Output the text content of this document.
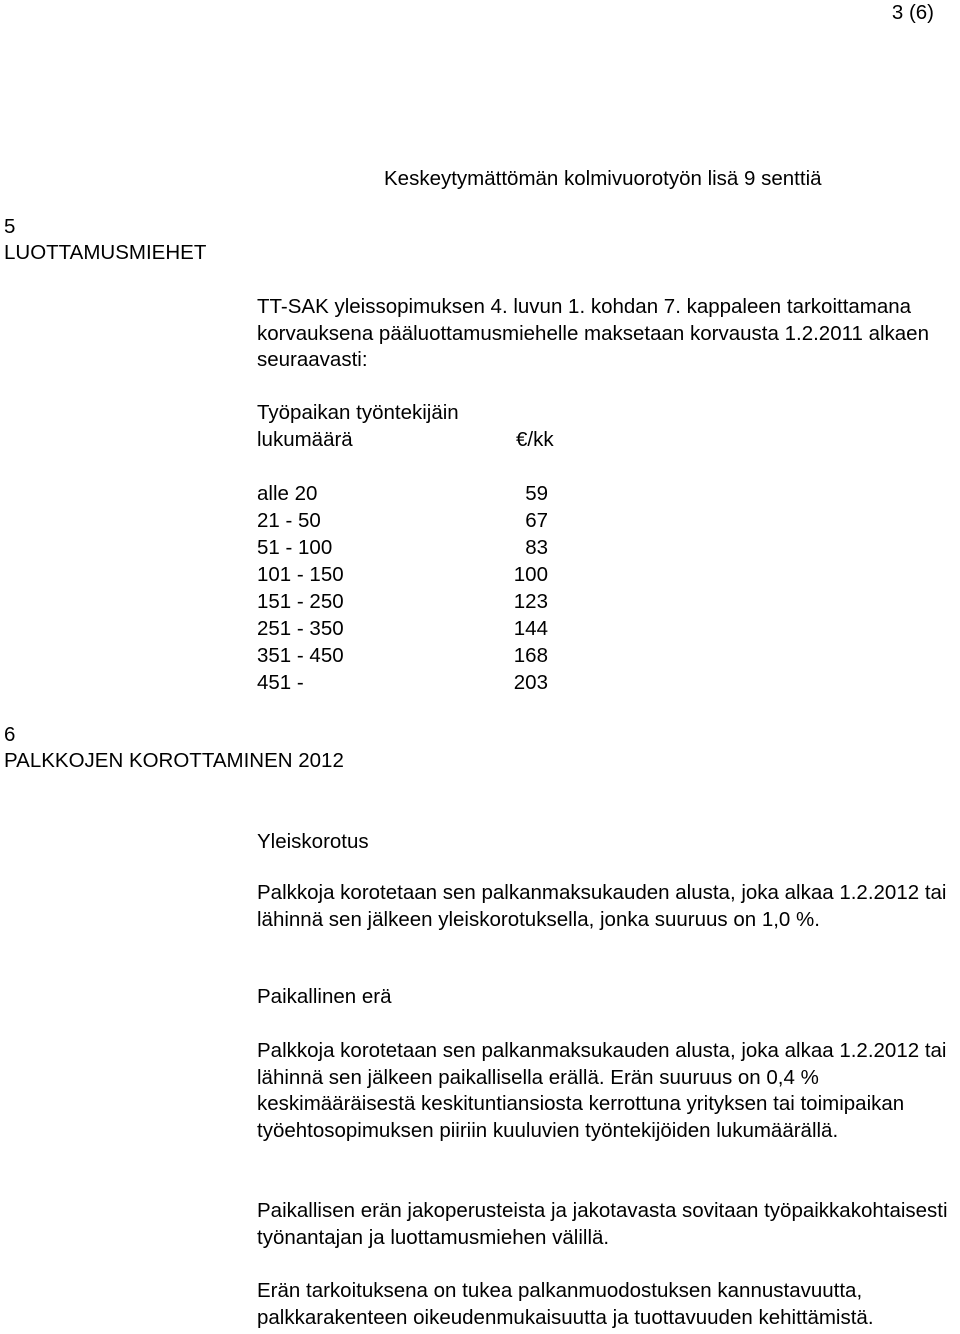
3 (6)
Keskeytymättömän kolmivuorotyön lisä 9 senttiä
5
LUOTTAMUSMIEHET
TT-SAK yleissopimuksen 4. luvun 1. kohdan 7. kappaleen tarkoittamana korvauksena pääluottamusmiehelle maksetaan korvausta 1.2.2011 alkaen seuraavasti:
Työpaikan työntekijäin
lukumäärä	€/kk
alle 20	59
21 - 50	67
51 - 100	83
101 - 150	100
151 - 250	123
251 - 350	144
351 - 450	168
451 -	203
6
PALKKOJEN KOROTTAMINEN 2012
Yleiskorotus
Palkkoja korotetaan sen palkanmaksukauden alusta, joka alkaa 1.2.2012 tai lähinnä sen jälkeen yleiskorotuksella, jonka suuruus on 1,0 %.
Paikallinen erä
Palkkoja korotetaan sen palkanmaksukauden alusta, joka alkaa 1.2.2012 tai lähinnä sen jälkeen paikallisella erällä. Erän suuruus on 0,4 % keskimääräisestä keskituntiansiosta kerrottuna yrityksen tai toimipaikan työehtosopimuksen piiriin kuuluvien työntekijöiden lukumäärällä.
Paikallisen erän jakoperusteista ja jakotavasta sovitaan työpaikkakohtaisesti työnantajan ja luottamusmiehen välillä.
Erän tarkoituksena on tukea palkanmuodostuksen kannustavuutta, palkkarakenteen oikeudenmukaisuutta ja tuottavuuden kehittämistä.
